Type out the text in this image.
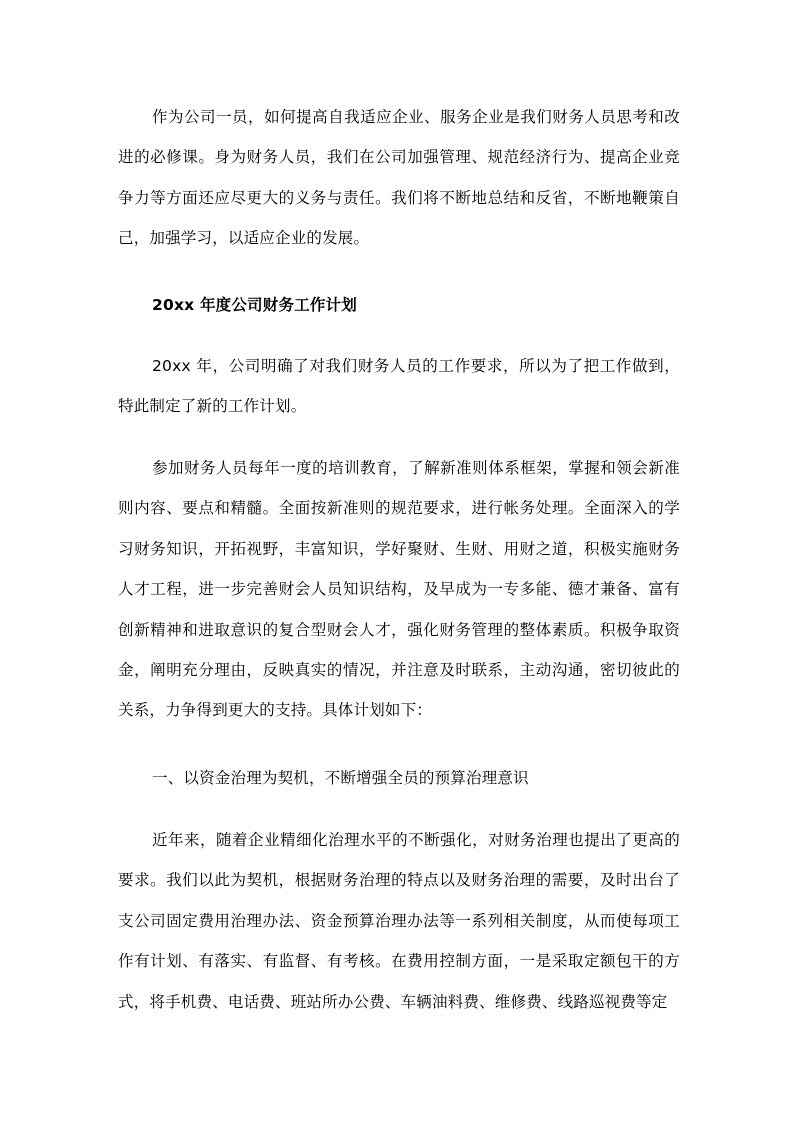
作为公司一员，如何提高自我适应企业、服务企业是我们财务人员思考和改进的必修课。身为财务人员，我们在公司加强管理、规范经济行为、提高企业竞争力等方面还应尽更大的义务与责任。我们将不断地总结和反省，不断地鞭策自己，加强学习，以适应企业的发展。

20xx 年度公司财务工作计划

20xx 年，公司明确了对我们财务人员的工作要求，所以为了把工作做到，特此制定了新的工作计划。

参加财务人员每年一度的培训教育，了解新准则体系框架，掌握和领会新准则内容、要点和精髓。全面按新准则的规范要求，进行帐务处理。全面深入的学习财务知识，开拓视野，丰富知识，学好聚财、生财、用财之道，积极实施财务人才工程，进一步完善财会人员知识结构，及早成为一专多能、德才兼备、富有创新精神和进取意识的复合型财会人才，强化财务管理的整体素质。积极争取资金，阐明充分理由，反映真实的情况，并注意及时联系，主动沟通，密切彼此的关系，力争得到更大的支持。具体计划如下：

一、以资金治理为契机，不断增强全员的预算治理意识

近年来，随着企业精细化治理水平的不断强化，对财务治理也提出了更高的要求。我们以此为契机，根据财务治理的特点以及财务治理的需要，及时出台了支公司固定费用治理办法、资金预算治理办法等一系列相关制度，从而使每项工作有计划、有落实、有监督、有考核。在费用控制方面，一是采取定额包干的方式，将手机费、电话费、班站所办公费、车辆油料费、维修费、线路巡视费等定
